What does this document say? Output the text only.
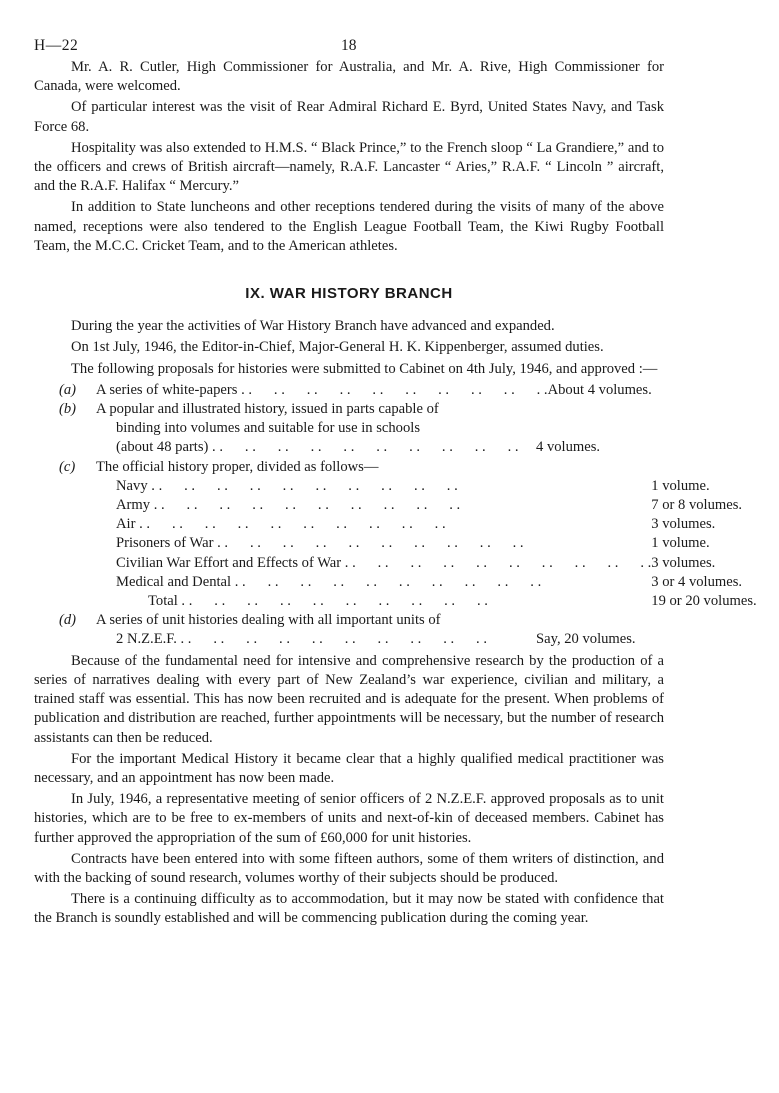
H—22	18

Mr. A. R. Cutler, High Commissioner for Australia, and Mr. A. Rive, High Commissioner for Canada, were welcomed.

Of particular interest was the visit of Rear Admiral Richard E. Byrd, United States Navy, and Task Force 68.

Hospitality was also extended to H.M.S. “ Black Prince,” to the French sloop “ La Grandiere,” and to the officers and crews of British aircraft—namely, R.A.F. Lancaster “ Aries,” R.A.F. “ Lincoln ” aircraft, and the R.A.F. Halifax “ Mercury.”

In addition to State luncheons and other receptions tendered during the visits of many of the above named, receptions were also tendered to the English League Football Team, the Kiwi Rugby Football Team, the M.C.C. Cricket Team, and to the American athletes.

IX. WAR HISTORY BRANCH

During the year the activities of War History Branch have advanced and expanded.

On 1st July, 1946, the Editor-in-Chief, Major-General H. K. Kippenberger, assumed duties.

The following proposals for histories were submitted to Cabinet on 4th July, 1946, and approved :—

(a)	A series of white-papers . .	About 4 volumes.
(b)	A popular and illustrated history, issued in parts capable of
binding into volumes and suitable for use in schools
(about 48 parts) . .	4 volumes.
(c)	The official history proper, divided as follows—
Navy . .	1 volume.
Army . .	7 or 8 volumes.
Air . .	3 volumes.
Prisoners of War . .	1 volume.
Civilian War Effort and Effects of War . .	3 volumes.
Medical and Dental . .	3 or 4 volumes.
Total . .	19 or 20 volumes.
(d)	A series of unit histories dealing with all important units of
2 N.Z.E.F. . .	Say, 20 volumes.

Because of the fundamental need for intensive and comprehensive research by the production of a series of narratives dealing with every part of New Zealand’s war experience, civilian and military, a trained staff was essential. This has now been recruited and is adequate for the present. When problems of publication and distribution are reached, further appointments will be necessary, but the number of research assistants can then be reduced.

For the important Medical History it became clear that a highly qualified medical practitioner was necessary, and an appointment has now been made.

In July, 1946, a representative meeting of senior officers of 2 N.Z.E.F. approved proposals as to unit histories, which are to be free to ex-members of units and next-of-kin of deceased members. Cabinet has further approved the appropriation of the sum of £60,000 for unit histories.

Contracts have been entered into with some fifteen authors, some of them writers of distinction, and with the backing of sound research, volumes worthy of their subjects should be produced.

There is a continuing difficulty as to accommodation, but it may now be stated with confidence that the Branch is soundly established and will be commencing publication during the coming year.
